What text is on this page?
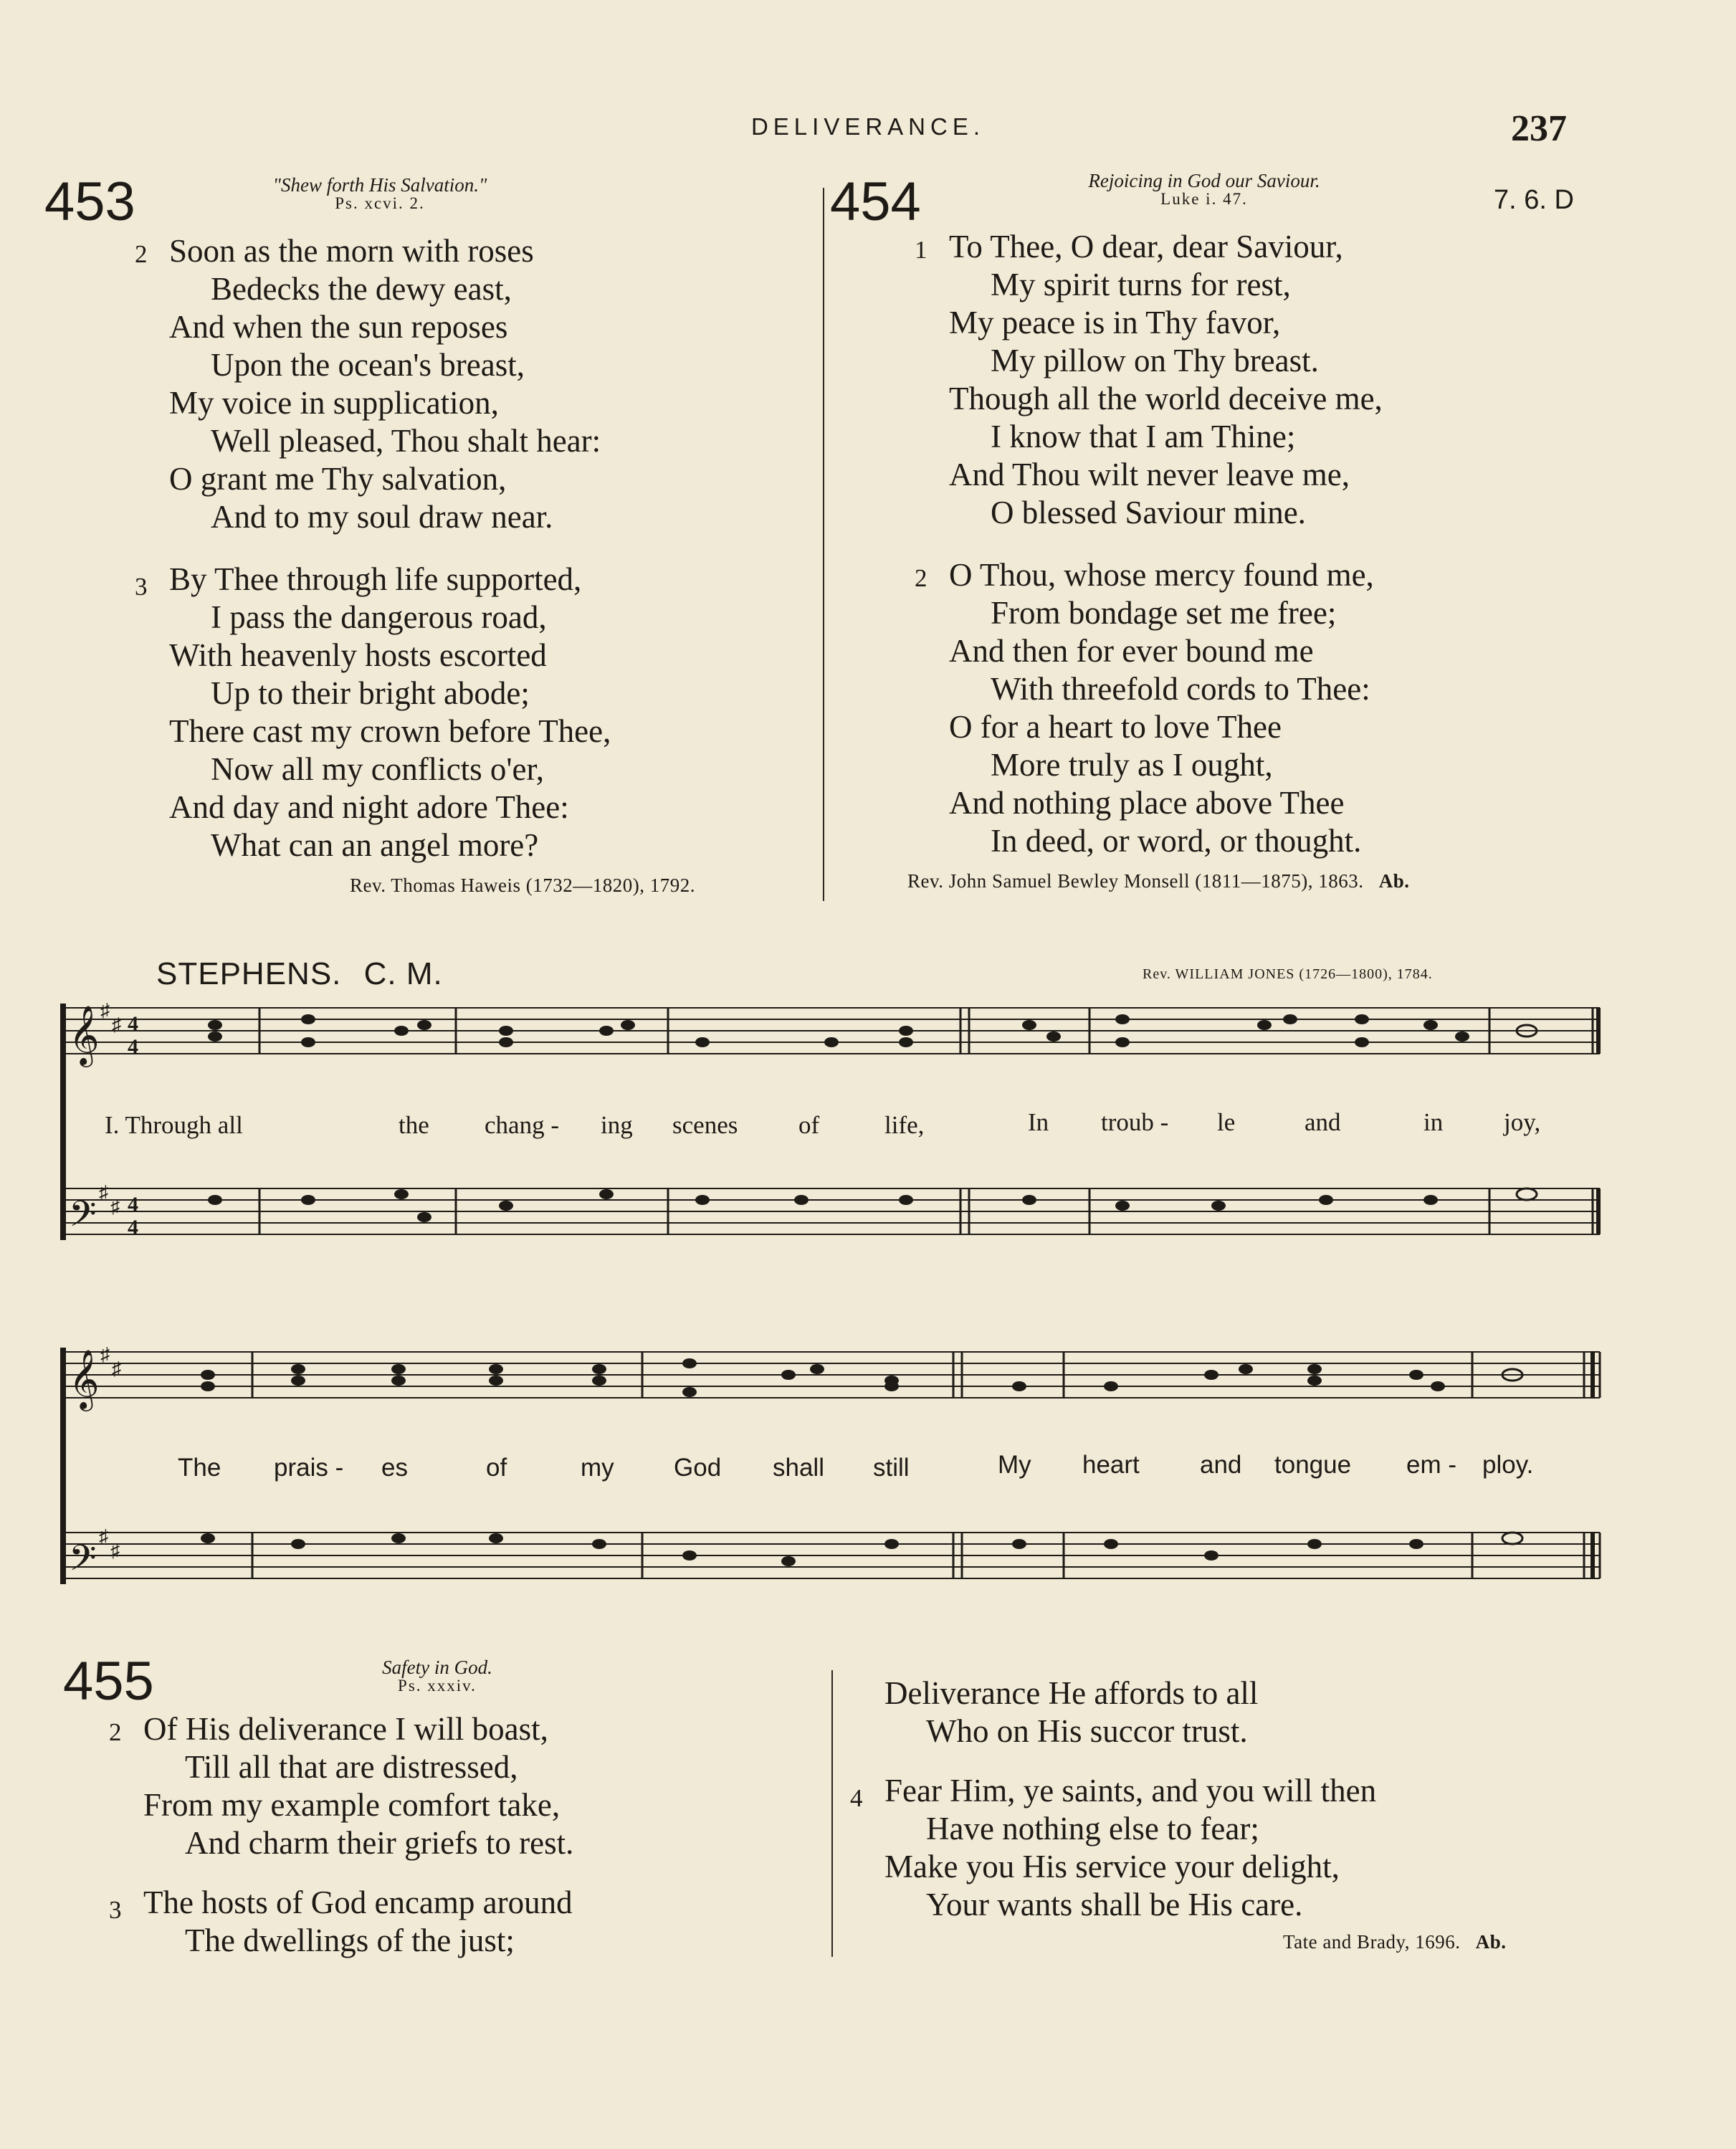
DELIVERANCE.	237
453	"Shew forth His Salvation."
Ps. xcvi. 2.
2 Soon as the morn with roses
Bedecks the dewy east,
And when the sun reposes
Upon the ocean's breast,
My voice in supplication,
Well pleased, Thou shalt hear:
O grant me Thy salvation,
And to my soul draw near.
3 By Thee through life supported,
I pass the dangerous road,
With heavenly hosts escorted
Up to their bright abode;
There cast my crown before Thee,
Now all my conflicts o'er,
And day and night adore Thee:
What can an angel more?
Rev. Thomas Haweis (1732—1820), 1792.
454	Rejoicing in God our Saviour.
Luke i. 47.	7. 6. D
1 To Thee, O dear, dear Saviour,
My spirit turns for rest,
My peace is in Thy favor,
My pillow on Thy breast.
Though all the world deceive me,
I know that I am Thine;
And Thou wilt never leave me,
O blessed Saviour mine.
2 O Thou, whose mercy found me,
From bondage set me free;
And then for ever bound me
With threefold cords to Thee:
O for a heart to love Thee
More truly as I ought,
And nothing place above Thee
In deed, or word, or thought.
Rev. John Samuel Bewley Monsell (1811—1875), 1863. Ab.
STEPHENS. C. M.	Rev. WILLIAM JONES (1726—1800), 1784.
𝄞
𝄢
♯
♯
♯
♯
4
4
4
4
I. Through all	the chang - ing scenes of	life,	In troub - le	and	in joy,
𝄞
𝄢
♯
♯
♯
♯
The prais - es	of	my God shall still	My heart and tongue em - ploy.
455	Safety in God.
Ps. xxxiv.
2 Of His deliverance I will boast,
Till all that are distressed,
From my example comfort take,
And charm their griefs to rest.
3 The hosts of God encamp around
The dwellings of the just;
Deliverance He affords to all
Who on His succor trust.
4 Fear Him, ye saints, and you will then
Have nothing else to fear;
Make you His service your delight,
Your wants shall be His care.
Tate and Brady, 1696. Ab.
